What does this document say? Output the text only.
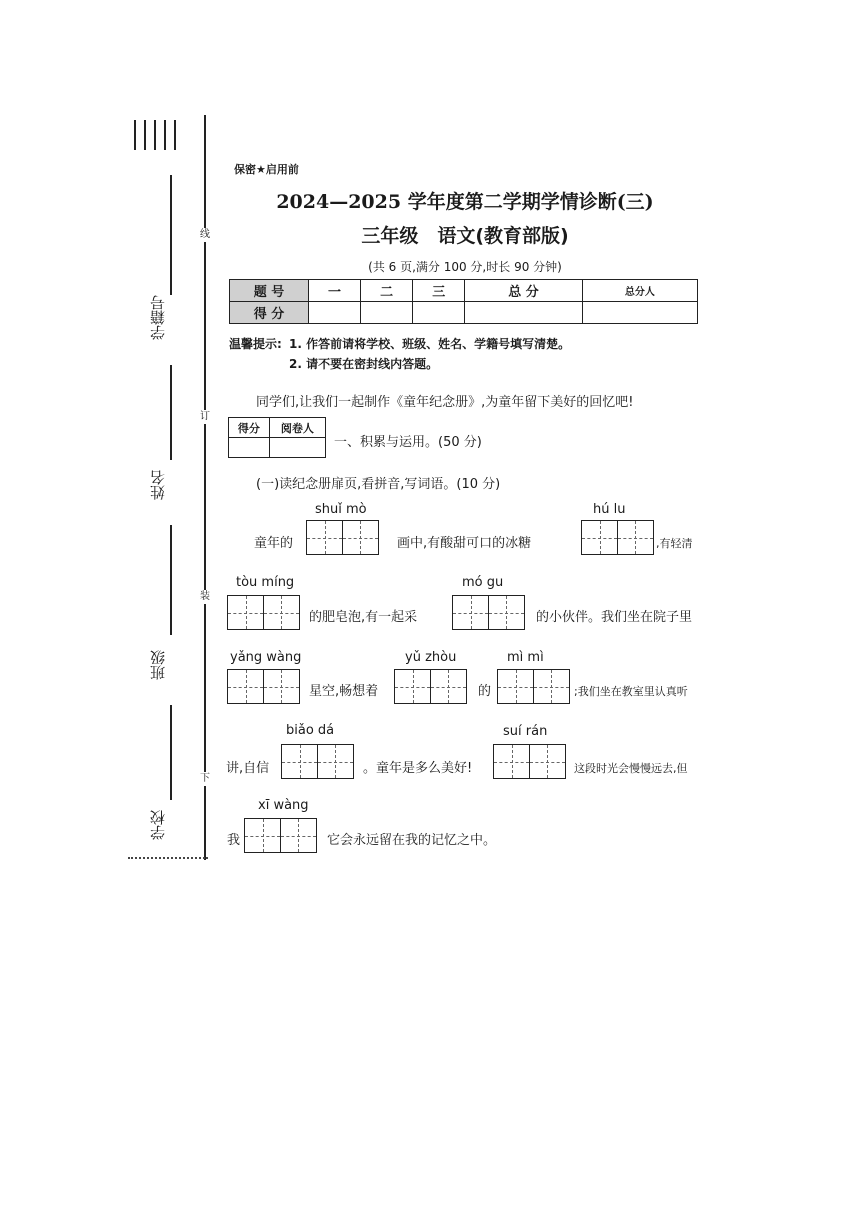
学籍号
姓名
班级
学校
线
订
装
下
保密★启用前
2024—2025 学年度第二学期学情诊断(三)
三年级　语文(教育部版)
(共 6 页,满分 100 分,时长 90 分钟)
题 号	一	二	三	总 分	总分人
得 分					
温馨提示: 1. 作答前请将学校、班级、姓名、学籍号填写清楚。
2. 请不要在密封线内答题。
同学们,让我们一起制作《童年纪念册》,为童年留下美好的回忆吧!
得分	阅卷人

一、积累与运用。(50 分)
(一)读纪念册扉页,看拼音,写词语。(10 分)
shuǐ mò
童年的	画中,有酸甜可口的冰糖
hú lu
,有轻清
tòu míng
的肥皂泡,有一起采
mó gu
的小伙伴。我们坐在院子里
yǎng wàng
星空,畅想着
yǔ zhòu
的
mì mì
;我们坐在教室里认真听
biǎo dá
讲,自信	。童年是多么美好!
suí rán
这段时光会慢慢远去,但
xī wàng
我	它会永远留在我的记忆之中。
